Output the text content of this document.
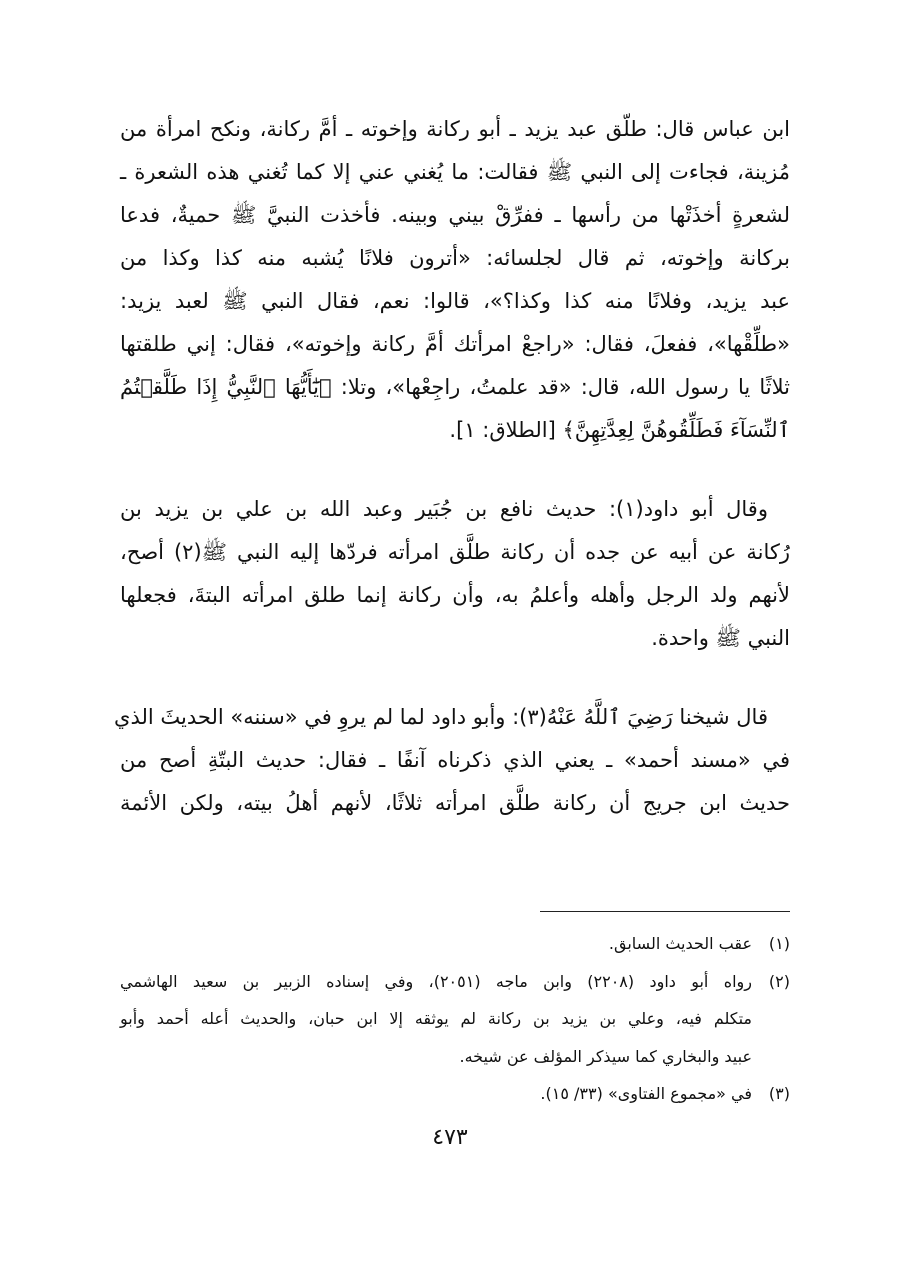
ابن عباس قال: طلّق عبد يزيد ـ أبو ركانة وإخوته ـ أمَّ ركانة، ونكح امرأة من
مُزينة، فجاءت إلى النبي ﷺ فقالت: ما يُغني عني إلا كما تُغني هذه الشعرة ـ
لشعرةٍ أخذَتْها من رأسها ـ ففرِّقْ بيني وبينه. فأخذت النبيَّ ﷺ حميةٌ، فدعا
بركانة وإخوته، ثم قال لجلسائه: «أترون فلانًا يُشبه منه كذا وكذا من
عبد يزيد، وفلانًا منه كذا وكذا؟»، قالوا: نعم، فقال النبي ﷺ لعبد يزيد:
«طلِّقْها»، ففعلَ، فقال: «راجعْ امرأتك أمَّ ركانة وإخوته»، فقال: إني طلقتها
ثلاثًا يا رسول الله، قال: «قد علمتُ، راجِعْها»، وتلا: ﴿يَٰٓأَيُّهَا ٱلنَّبِيُّ إِذَا طَلَّقۡتُمُ
ٱلنِّسَآءَ فَطَلِّقُوهُنَّ لِعِدَّتِهِنَّ﴾ [الطلاق: ١].
وقال أبو داود(١): حديث نافع بن جُبَير وعبد الله بن علي بن يزيد بن
رُكانة عن أبيه عن جده أن ركانة طلَّق امرأته فردّها إليه النبي ﷺ(٢) أصح،
لأنهم ولد الرجل وأهله وأعلمُ به، وأن ركانة إنما طلق امرأته البتةَ، فجعلها
النبي ﷺ واحدة.
قال شيخنا رَضِيَ ٱللَّهُ عَنْهُ(٣): وأبو داود لما لم يروِ في «سننه» الحديثَ الذي
في «مسند أحمد» ـ يعني الذي ذكرناه آنفًا ـ فقال: حديث البتّةِ أصح من
حديث ابن جريج أن ركانة طلَّق امرأته ثلاثًا، لأنهم أهلُ بيته، ولكن الأئمة
(١)عقب الحديث السابق.
(٢)رواه أبو داود (٢٢٠٨) وابن ماجه (٢٠٥١)، وفي إسناده الزبير بن سعيد الهاشمي
متكلم فيه، وعلي بن يزيد بن ركانة لم يوثقه إلا ابن حبان، والحديث أعله أحمد وأبو
عبيد والبخاري كما سيذكر المؤلف عن شيخه.
(٣)في «مجموع الفتاوى» (٣٣/ ١٥).
٤٧٣
